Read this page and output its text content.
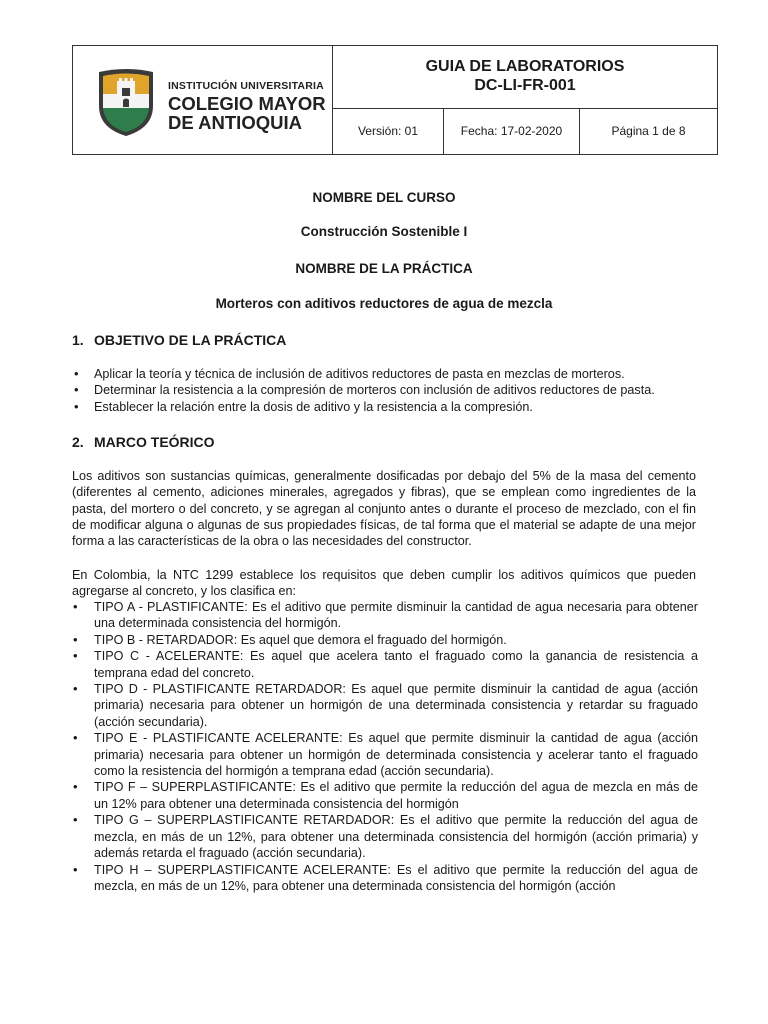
INSTITUCIÓN UNIVERSITARIA
COLEGIO MAYOR
DE ANTIOQUIA
GUIA DE LABORATORIOS
DC-LI-FR-001
Versión: 01	Fecha: 17-02-2020	Página 1 de 8
NOMBRE DEL CURSO
Construcción Sostenible I
NOMBRE DE LA PRÁCTICA
Morteros con aditivos reductores de agua de mezcla
1. OBJETIVO DE LA PRÁCTICA
• Aplicar la teoría y técnica de inclusión de aditivos reductores de pasta en mezclas de morteros.
• Determinar la resistencia a la compresión de morteros con inclusión de aditivos reductores de pasta.
• Establecer la relación entre la dosis de aditivo y la resistencia a la compresión.
2. MARCO TEÓRICO

Los aditivos son sustancias químicas, generalmente dosificadas por debajo del 5% de la masa del cemento (diferentes al cemento, adiciones minerales, agregados y fibras), que se emplean como ingredientes de la pasta, del mortero o del concreto, y se agregan al conjunto antes o durante el proceso de mezclado, con el fin de modificar alguna o algunas de sus propiedades físicas, de tal forma que el material se adapte de una mejor forma a las características de la obra o las necesidades del constructor.

En Colombia, la NTC 1299 establece los requisitos que deben cumplir los aditivos químicos que pueden agregarse al concreto, y los clasifica en:

• TIPO A - PLASTIFICANTE: Es el aditivo que permite disminuir la cantidad de agua necesaria para obtener una determinada consistencia del hormigón.
• TIPO B - RETARDADOR: Es aquel que demora el fraguado del hormigón.
• TIPO C - ACELERANTE: Es aquel que acelera tanto el fraguado como la ganancia de resistencia a temprana edad del concreto.
• TIPO D - PLASTIFICANTE RETARDADOR: Es aquel que permite disminuir la cantidad de agua (acción primaria) necesaria para obtener un hormigón de una determinada consistencia y retardar su fraguado (acción secundaria).
• TIPO E - PLASTIFICANTE ACELERANTE: Es aquel que permite disminuir la cantidad de agua (acción primaria) necesaria para obtener un hormigón de determinada consistencia y acelerar tanto el fraguado como la resistencia del hormigón a temprana edad (acción secundaria).
• TIPO F – SUPERPLASTIFICANTE: Es el aditivo que permite la reducción del agua de mezcla en más de un 12% para obtener una determinada consistencia del hormigón
• TIPO G – SUPERPLASTIFICANTE RETARDADOR: Es el aditivo que permite la reducción del agua de mezcla, en más de un 12%, para obtener una determinada consistencia del hormigón (acción primaria) y además retarda el fraguado (acción secundaria).
• TIPO H – SUPERPLASTIFICANTE ACELERANTE: Es el aditivo que permite la reducción del agua de mezcla, en más de un 12%, para obtener una determinada consistencia del hormigón (acción
